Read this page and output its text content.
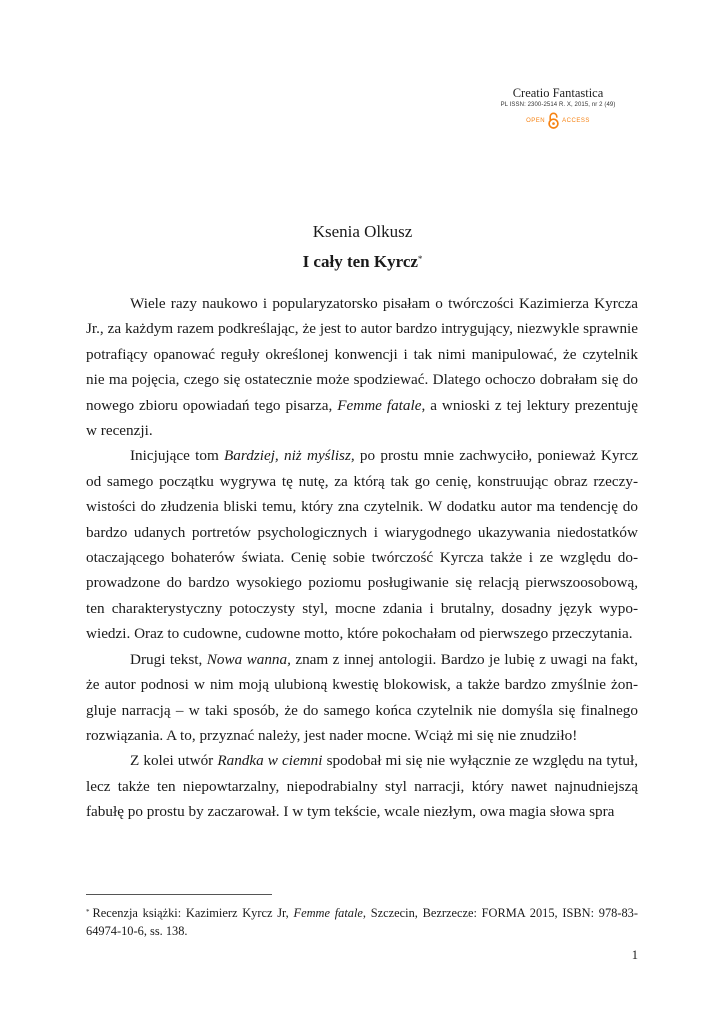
Creatio Fantastica
PL ISSN: 2300-2514 R. X, 2015, nr 2 (49)
OPEN	ACCESS
Ksenia Olkusz
I cały ten Kyrcz*

Wiele razy naukowo i popularyzatorsko pisałam o twórczości Kazimierza Kyrcza Jr., za każdym razem podkreślając, że jest to autor bardzo intrygujący, niezwykle sprawnie potrafiący opanować reguły określonej konwencji i tak nimi manipulować, że czytelnik nie ma pojęcia, czego się ostatecznie może spodziewać. Dlatego ochoczo dobrałam się do nowego zbioru opowiadań tego pisarza, Femme fatale, a wnioski z tej lektury prezentuję w recenzji.

Inicjujące tom Bardziej, niż myślisz, po prostu mnie zachwyciło, ponieważ Kyrcz od samego początku wygrywa tę nutę, za którą tak go cenię, konstruując obraz rzeczywistości do złudzenia bliski temu, który zna czytelnik. W dodatku autor ma tendencję do bardzo udanych portretów psychologicznych i wiarygodnego ukazywania niedostatków otaczającego bohaterów świata. Cenię sobie twórczość Kyrcza także i ze względu doprowadzone do bardzo wysokiego poziomu posługiwanie się relacją pierwszoosobową, ten charakterystyczny potoczysty styl, mocne zdania i brutalny, dosadny język wypowiedzi. Oraz to cudowne, cudowne motto, które pokochałam od pierwszego przeczytania.

Drugi tekst, Nowa wanna, znam z innej antologii. Bardzo je lubię z uwagi na fakt, że autor podnosi w nim moją ulubioną kwestię blokowisk, a także bardzo zmyślnie żongluje narracją – w taki sposób, że do samego końca czytelnik nie domyśla się finalnego rozwiązania. A to, przyznać należy, jest nader mocne. Wciąż mi się nie znudziło!

Z kolei utwór Randka w ciemni spodobał mi się nie wyłącznie ze względu na tytuł, lecz także ten niepowtarzalny, niepodrabialny styl narracji, który nawet najnudniejszą fabułę po prostu by zaczarował. I w tym tekście, wcale niezłym, owa magia słowa spra

* Recenzja książki: Kazimierz Kyrcz Jr, Femme fatale, Szczecin, Bezrzecze: FORMA 2015, ISBN: 978-83-64974-10-6, ss. 138.
1
